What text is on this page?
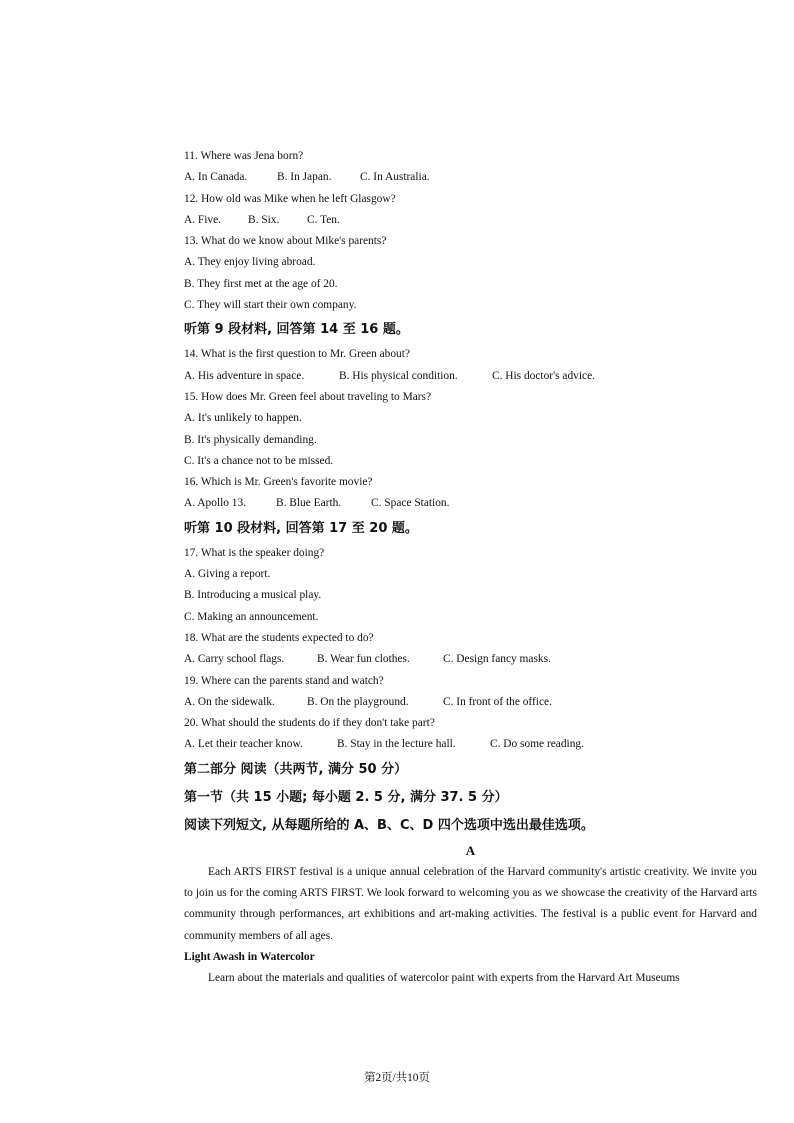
11. Where was Jena born?
A. In Canada.	B. In Japan.	C. In Australia.
12. How old was Mike when he left Glasgow?
A. Five. B. Six. C. Ten.
13. What do we know about Mike's parents?
A. They enjoy living abroad.
B. They first met at the age of 20.
C. They will start their own company.
听第 9 段材料, 回答第 14 至 16 题。
14. What is the first question to Mr. Green about?
A. His adventure in space.	B. His physical condition.	C. His doctor's advice.
15. How does Mr. Green feel about traveling to Mars?
A. It's unlikely to happen.
B. It's physically demanding.
C. It's a chance not to be missed.
16. Which is Mr. Green's favorite movie?
A. Apollo 13.	B. Blue Earth.	C. Space Station.
听第 10 段材料, 回答第 17 至 20 题。
17. What is the speaker doing?
A. Giving a report.
B. Introducing a musical play.
C. Making an announcement.
18. What are the students expected to do?
A. Carry school flags.	B. Wear fun clothes.	C. Design fancy masks.
19. Where can the parents stand and watch?
A. On the sidewalk.	B. On the playground.	C. In front of the office.
20. What should the students do if they don't take part?
A. Let their teacher know.	B. Stay in the lecture hall.	C. Do some reading.
第二部分 阅读（共两节, 满分 50 分）
第一节（共 15 小题; 每小题 2. 5 分, 满分 37. 5 分）
阅读下列短文, 从每题所给的 A、B、C、D 四个选项中选出最佳选项。
A
Each ARTS FIRST festival is a unique annual celebration of the Harvard community's artistic creativity. We invite you to join us for the coming ARTS FIRST. We look forward to welcoming you as we showcase the creativity of the Harvard arts community through performances, art exhibitions and art-making activities. The festival is a public event for Harvard and community members of all ages.
Light Awash in Watercolor
Learn about the materials and qualities of watercolor paint with experts from the Harvard Art Museums
第2页/共10页
